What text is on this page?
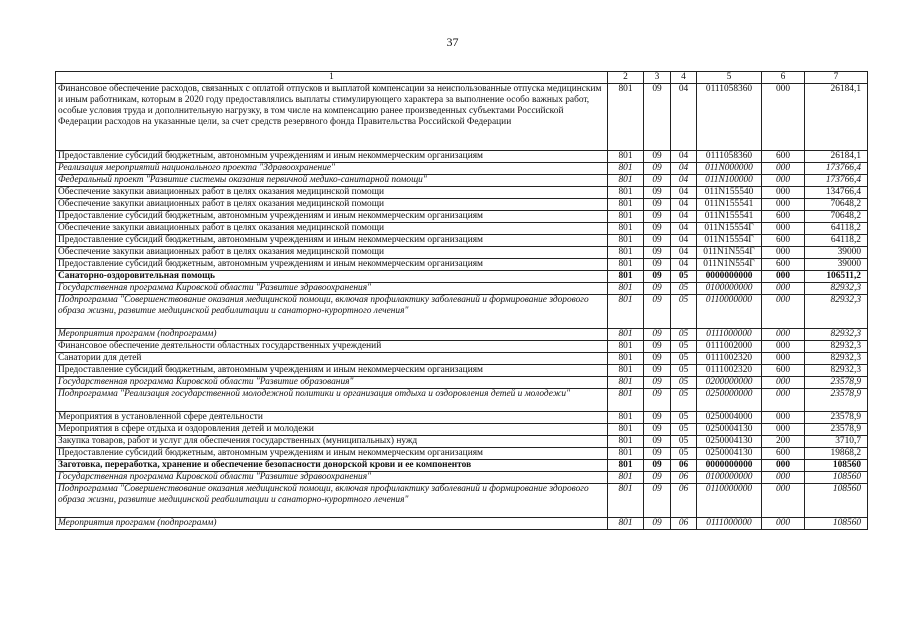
37
1	2	3	4	5	6	7
Финансовое обеспечение расходов, связанных с оплатой отпусков и выплатой компенсации за неиспользованные отпуска медицинским и иным работникам, которым в 2020 году предоставлялись выплаты стимулирующего характера за выполнение особо важных работ, особые условия труда и дополнительную нагрузку, в том числе на компенсацию ранее произведенных субъектами Российской Федерации расходов на указанные цели, за счет средств резервного фонда Правительства Российской Федерации	801	09	04	0111058360	000	26184,1
Предоставление субсидий бюджетным, автономным учреждениям и иным некоммерческим организациям	801	09	04	0111058360	600	26184,1
Реализация мероприятий национального проекта "Здравоохранение"	801	09	04	011N000000	000	173766,4
Федеральный проект "Развитие системы оказания первичной медико-санитарной помощи"	801	09	04	011N100000	000	173766,4
Обеспечение закупки авиационных работ в целях оказания медицинской помощи	801	09	04	011N155540	000	134766,4
Обеспечение закупки авиационных работ в целях оказания медицинской помощи	801	09	04	011N155541	000	70648,2
Предоставление субсидий бюджетным, автономным учреждениям и иным некоммерческим организациям	801	09	04	011N155541	600	70648,2
Обеспечение закупки авиационных работ в целях оказания медицинской помощи	801	09	04	011N15554Г	000	64118,2
Предоставление субсидий бюджетным, автономным учреждениям и иным некоммерческим организациям	801	09	04	011N15554Г	600	64118,2
Обеспечение закупки авиационных работ в целях оказания медицинской помощи	801	09	04	011N1N554Г	000	39000
Предоставление субсидий бюджетным, автономным учреждениям и иным некоммерческим организациям	801	09	04	011N1N554Г	600	39000
Санаторно-оздоровительная помощь	801	09	05	0000000000	000	106511,2
Государственная программа Кировской области "Развитие здравоохранения"	801	09	05	0100000000	000	82932,3
Подпрограмма "Совершенствование оказания медицинской помощи, включая профилактику заболеваний и формирование здорового образа жизни, развитие медицинской реабилитации и санаторно-курортного лечения"	801	09	05	0110000000	000	82932,3
Мероприятия программ (подпрограмм)	801	09	05	0111000000	000	82932,3
Финансовое обеспечение деятельности областных государственных учреждений	801	09	05	0111002000	000	82932,3
Санатории для детей	801	09	05	0111002320	000	82932,3
Предоставление субсидий бюджетным, автономным учреждениям и иным некоммерческим организациям	801	09	05	0111002320	600	82932,3
Государственная программа Кировской области "Развитие образования"	801	09	05	0200000000	000	23578,9
Подпрограмма "Реализация государственной молодежной политики и организация отдыха и оздоровления детей и молодежи"	801	09	05	0250000000	000	23578,9
Мероприятия в установленной сфере деятельности	801	09	05	0250004000	000	23578,9
Мероприятия в сфере отдыха и оздоровления детей и молодежи	801	09	05	0250004130	000	23578,9
Закупка товаров, работ и услуг для обеспечения государственных (муниципальных) нужд	801	09	05	0250004130	200	3710,7
Предоставление субсидий бюджетным, автономным учреждениям и иным некоммерческим организациям	801	09	05	0250004130	600	19868,2
Заготовка, переработка, хранение и обеспечение безопасности донорской крови и ее компонентов	801	09	06	0000000000	000	108560
Государственная программа Кировской области "Развитие здравоохранения"	801	09	06	0100000000	000	108560
Подпрограмма "Совершенствование оказания медицинской помощи, включая профилактику заболеваний и формирование здорового образа жизни, развитие медицинской реабилитации и санаторно-курортного лечения"	801	09	06	0110000000	000	108560
Мероприятия программ (подпрограмм)	801	09	06	0111000000	000	108560
